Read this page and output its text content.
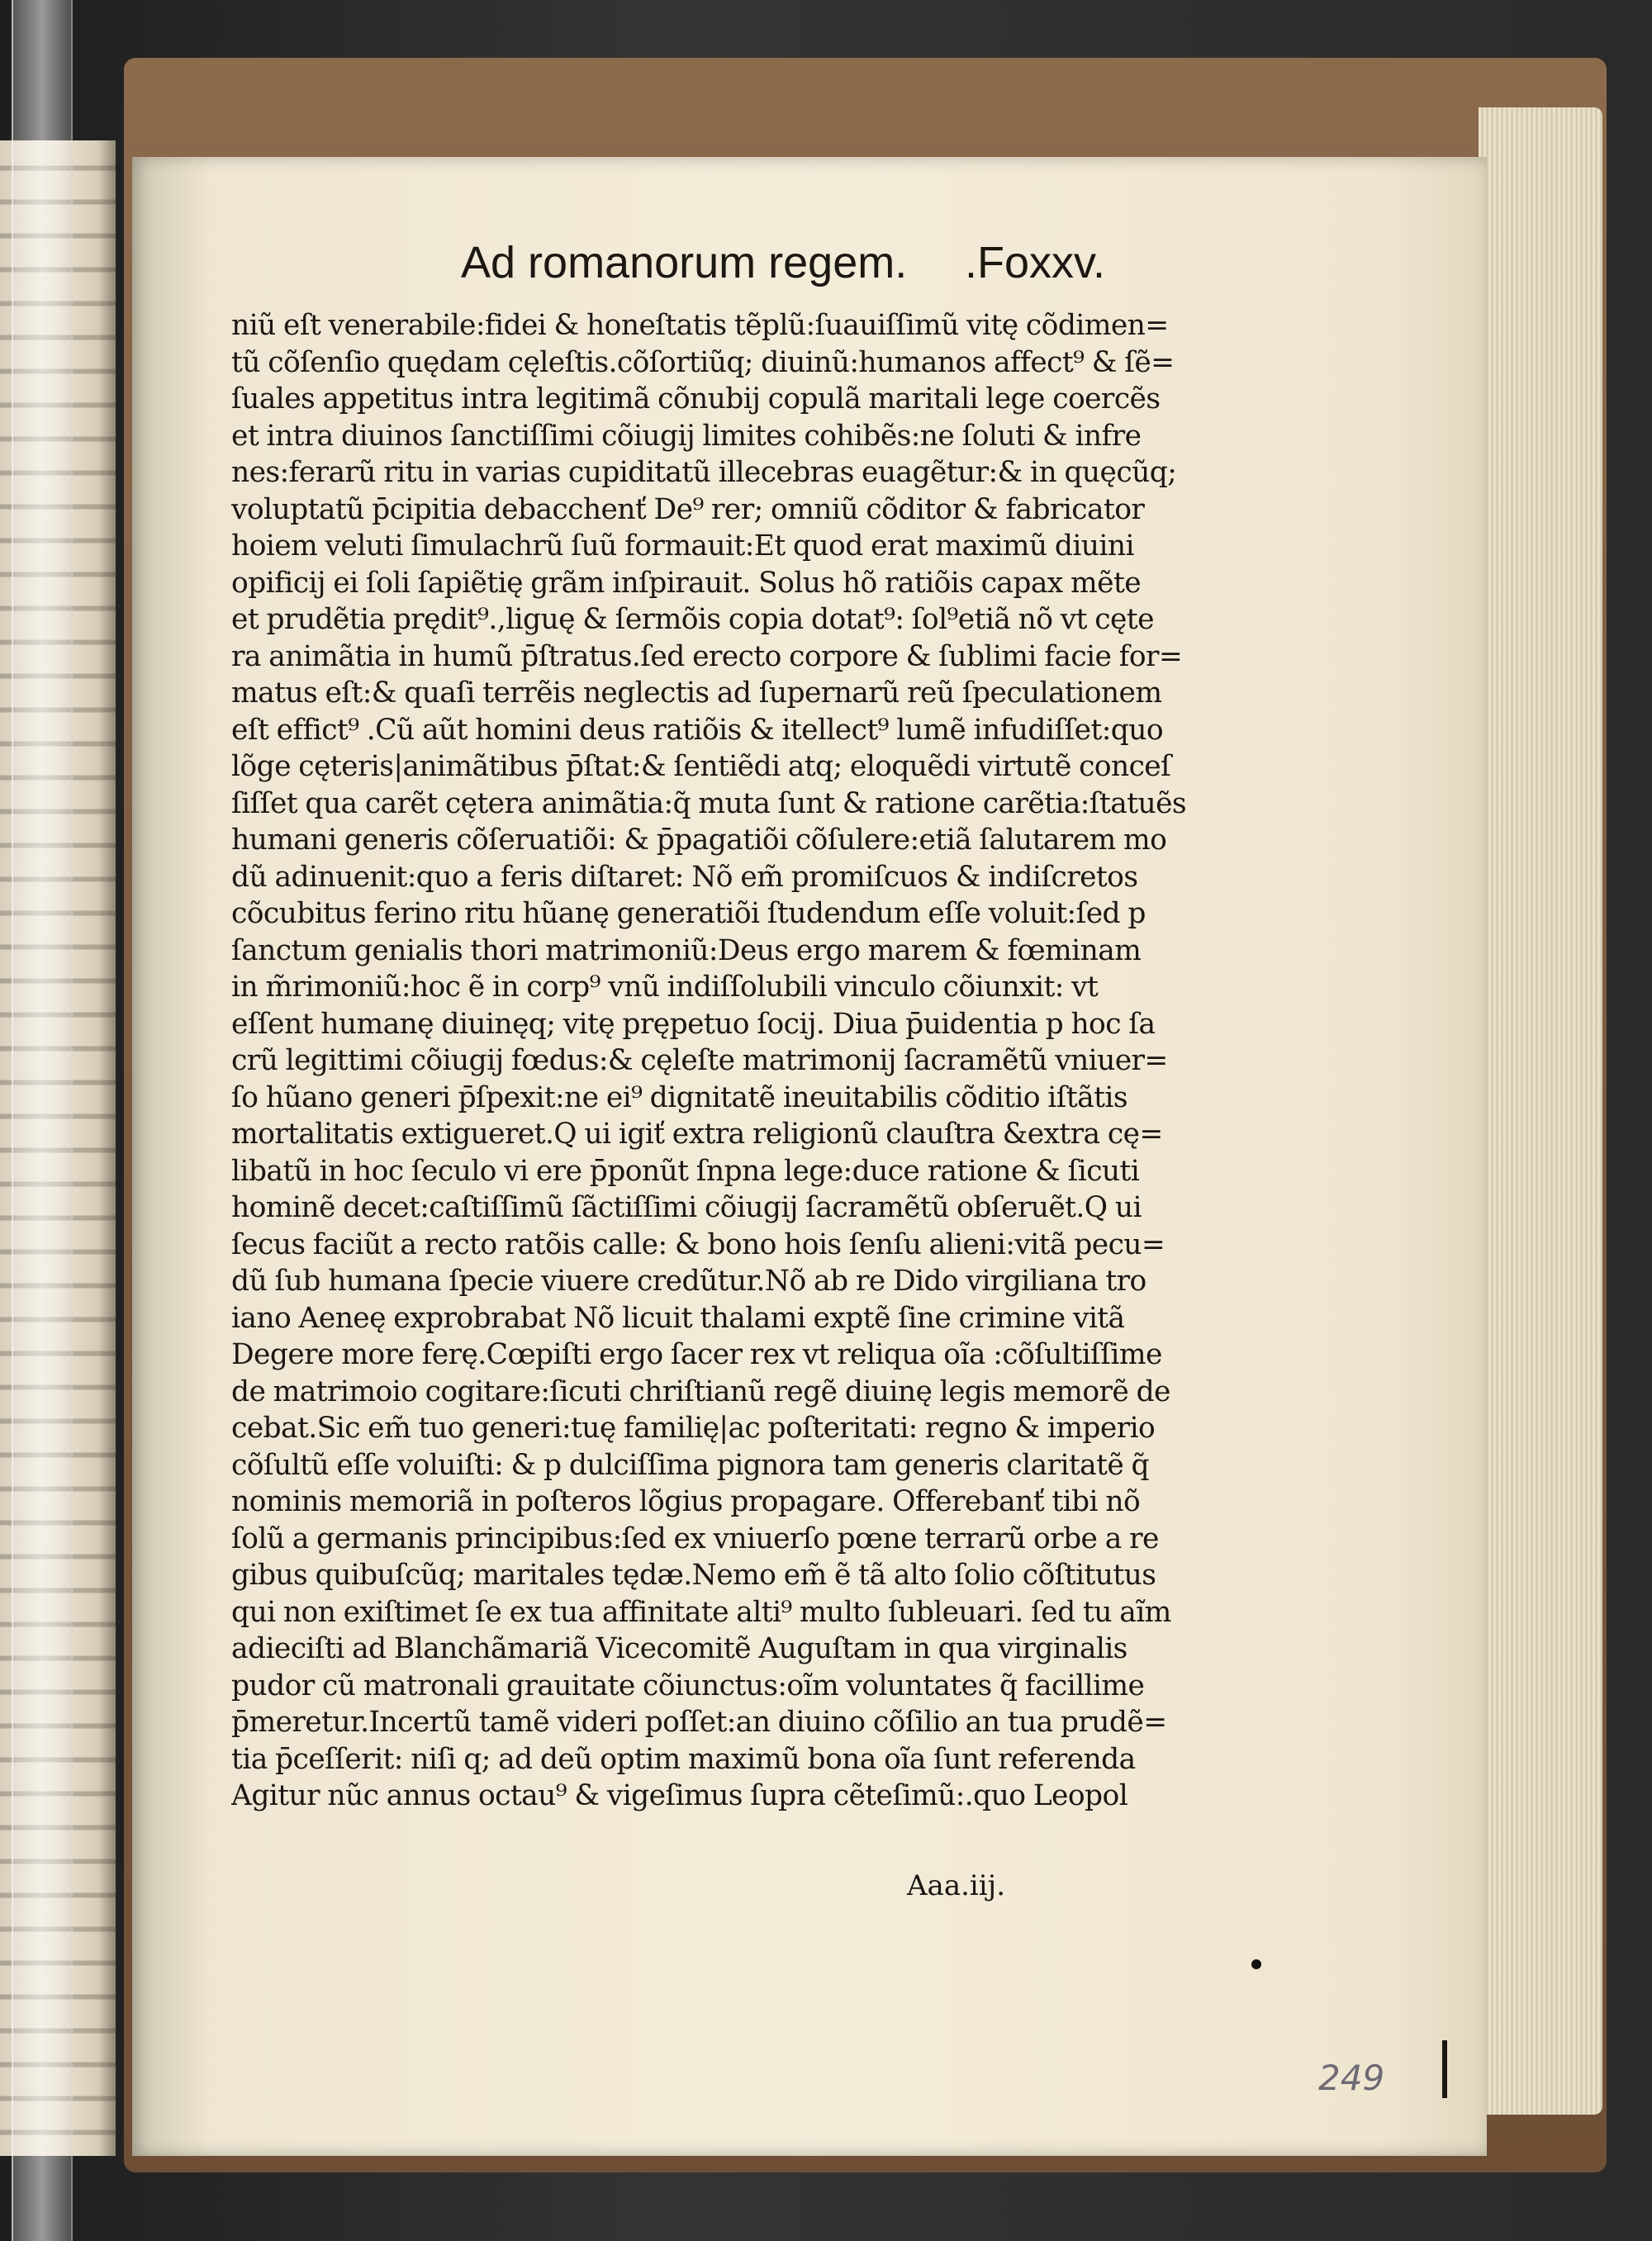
Ad romanorum regem. .Foxxv.
niũ eſt venerabile:fidei & honeſtatis tẽplũ:ſuauiſſimũ vitę cõdimen=
tũ cõſenſio quędam cęleſtis.cõſortiũq; diuinũ:humanos affect⁹ & ſẽ=
ſuales appetitus intra legitimã cõnubij copulã maritali lege coercẽs
et intra diuinos ſanctiſſimi cõiugij limites cohibẽs:ne ſoluti & infre
nes:ferarũ ritu in varias cupiditatũ illecebras euagẽtur:& in quęcũq;
voluptatũ p̄cipitia debacchenť De⁹ rer; omniũ cõditor & fabricator
hoiem veluti ſimulachrũ ſuũ formauit:Et quod erat maximũ diuini
opificij ei ſoli ſapiẽtię grãm inſpirauit. Solus hõ ratiõis capax mẽte
et prudẽtia prędit⁹.,liguę & ſermõis copia dotat⁹: ſol⁹etiã nõ vt cęte
ra animãtia in humũ p̄ſtratus.ſed erecto corpore & ſublimi facie for=
matus eſt:& quaſi terrẽis neglectis ad ſupernarũ reũ ſpeculationem
eſt effict⁹ .Cũ aũt homini deus ratiõis & itellect⁹ lumẽ infudiſſet:quo
lõge cęteris|animãtibus p̄ſtat:& ſentiẽdi atq; eloquẽdi virtutẽ conceſ
ſiſſet qua carẽt cętera animãtia:q̃ muta ſunt & ratione carẽtia:ſtatuẽs
humani generis cõſeruatiõi: & p̄pagatiõi cõſulere:etiã ſalutarem mo
dũ adinuenit:quo a feris diſtaret: Nõ em̃ promiſcuos & indiſcretos
cõcubitus ferino ritu hũanę generatiõi ſtudendum eſſe voluit:ſed p
ſanctum genialis thori matrimoniũ:Deus ergo marem & fœminam
in m̃rimoniũ:hoc ẽ in corp⁹ vnũ indiſſolubili vinculo cõiunxit: vt
eſſent humanę diuinęq; vitę prępetuo ſocij. Diua p̄uidentia p hoc ſa
crũ legittimi cõiugij fœdus:& cęleſte matrimonij ſacramẽtũ vniuer=
ſo hũano generi p̄ſpexit:ne ei⁹ dignitatẽ ineuitabilis cõditio iſtãtis
mortalitatis extigueret.Q ui igiť extra religionũ clauſtra &extra cę=
libatũ in hoc ſeculo vi ere p̄ponũt ſnpna lege:duce ratione & ſicuti
hominẽ decet:caſtiſſimũ ſãctiſſimi cõiugij ſacramẽtũ obſeruẽt.Q ui
ſecus faciũt a recto ratõis calle: & bono hois ſenſu alieni:vitã pecu=
dũ ſub humana ſpecie viuere credũtur.Nõ ab re Dido virgiliana tro
iano Aeneę exprobrabat Nõ licuit thalami exptẽ ſine crimine vitã
Degere more ferę.Cœpiſti ergo ſacer rex vt reliqua oĩa :cõſultiſſime
de matrimoio cogitare:ſicuti chriſtianũ regẽ diuinę legis memorẽ de
cebat.Sic em̃ tuo generi:tuę familię|ac poſteritati: regno & imperio
cõſultũ eſſe voluiſti: & p dulciſſima pignora tam generis claritatẽ q̃
nominis memoriã in poſteros lõgius propagare. Offerebanť tibi nõ
ſolũ a germanis principibus:ſed ex vniuerſo pœne terrarũ orbe a re
gibus quibuſcũq; maritales tędæ.Nemo em̃ ẽ tã alto ſolio cõſtitutus
qui non exiſtimet ſe ex tua affinitate alti⁹ multo ſubleuari. ſed tu aĩm
adieciſti ad Blanchãmariã Vicecomitẽ Auguſtam in qua virginalis
pudor cũ matronali grauitate cõiunctus:oĩm voluntates q̃ facillime
p̄meretur.Incertũ tamẽ videri poſſet:an diuino cõſilio an tua prudẽ=
tia p̄ceſſerit: niſi q; ad deũ optim maximũ bona oĩa ſunt referenda
Agitur nũc annus octau⁹ & vigeſimus ſupra cẽteſimũ:.quo Leopol
Aaa.iij.
249
